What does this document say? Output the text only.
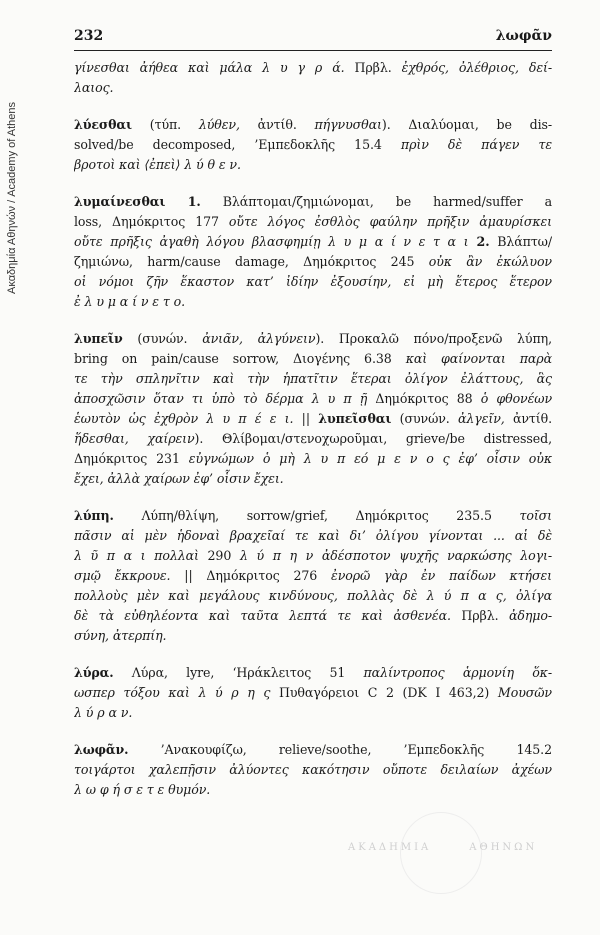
Ακαδημία Αθηνών / Academy of Athens
232	λωφᾶν
γίνεσθαι ἀήθεα καὶ μάλα λ υ γ ρ ά. Πρβλ. ἐχθρός, ὀλέθριος, δεί-
λαιος.
λύεσθαι (τύπ. λύθεν, ἀντίθ. πήγνυσθαι). Διαλύομαι, be dis-
solved/be decomposed, ’Εμπεδοκλῆς 15.4 πρὶν δὲ πάγεν τε
βροτοὶ καὶ ⟨ἐπεὶ⟩ λ ύ θ ε ν.
λυμαίνεσθαι 1. Βλάπτομαι/ζημιώνομαι, be harmed/suffer a
loss, Δημόκριτος 177 οὔτε λόγος ἐσθλὸς φαύλην πρῆξιν ἀμαυρίσκει
οὔτε πρῆξις ἀγαθὴ λόγου βλασφημίῃ λ υ μ α ί ν ε τ α ι 2. Βλάπτω/
ζημιώνω, harm/cause damage, Δημόκριτος 245 οὐκ ἂν ἐκώλυον
οἱ νόμοι ζῆν ἕκαστον κατ’ ἰδίην ἐξουσίην, εἰ μὴ ἕτερος ἕτερον
ἐ λ υ μ α ί ν ε τ ο.
λυπεῖν (συνών. ἀνιᾶν, ἀλγύνειν). Προκαλῶ πόνο/προξενῶ λύπη,
bring on pain/cause sorrow, Διογένης 6.38 καὶ φαίνονται παρὰ
τε τὴν σπληνῖτιν καὶ τὴν ἡπατῖτιν ἕτεραι ὀλίγον ἐλάττους, ἃς
ἀποσχῶσιν ὅταν τι ὑπὸ τὸ δέρμα λ υ π ῇ Δημόκριτος 88 ὁ φθονέων
ἑωυτὸν ὡς ἐχθρὸν λ υ π έ ε ι. || λυπεῖσθαι (συνών. ἀλγεῖν, ἀντίθ.
ἥδεσθαι, χαίρειν). Θλίβομαι/στενοχωροῦμαι, grieve/be distressed,
Δημόκριτος 231 εὐγνώμων ὁ μὴ λ υ π εό μ ε ν ο ς ἐφ’ οἷσιν οὐκ
ἔχει, ἀλλὰ χαίρων ἐφ’ οἷσιν ἔχει.
λύπη. Λύπη/θλίψη, sorrow/grief, Δημόκριτος 235.5 τοῖσι
πᾶσιν αἱ μὲν ἡδοναὶ βραχεῖαί τε καὶ δι’ ὀλίγου γίνονται ... αἱ δὲ
λ ῦ π α ι πολλαὶ 290 λ ύ π η ν ἀδέσποτον ψυχῆς ναρκώσης λογι-
σμῷ ἔκκρουε. || Δημόκριτος 276 ἐνορῶ γὰρ ἐν παίδων κτήσει
πολλοὺς μὲν καὶ μεγάλους κινδύνους, πολλὰς δὲ λ ύ π α ς, ὀλίγα
δὲ τὰ εὐθηλέοντα καὶ ταῦτα λεπτά τε καὶ ἀσθενέα. Πρβλ. ἀδημο-
σύνη, ἀτερπίη.
λύρα. Λύρα, lyre, ‘Ηράκλειτος 51 παλίντροπος ἁρμονίη ὅκ-
ωσπερ τόξου καὶ λ ύ ρ η ς Πυθαγόρειοι C 2 (DK I 463,2) Μουσῶν
λ ύ ρ α ν.
λωφᾶν. ’Ανακουφίζω, relieve/soothe, ’Εμπεδοκλῆς 145.2
τοιγάρτοι χαλεπῇσιν ἀλύοντες κακότησιν οὔποτε δειλαίων ἀχέων
λ ω φ ή σ ε τ ε θυμόν.
ΑΚΑΔΗΜΙΑ	ΑΘΗΝΩΝ
